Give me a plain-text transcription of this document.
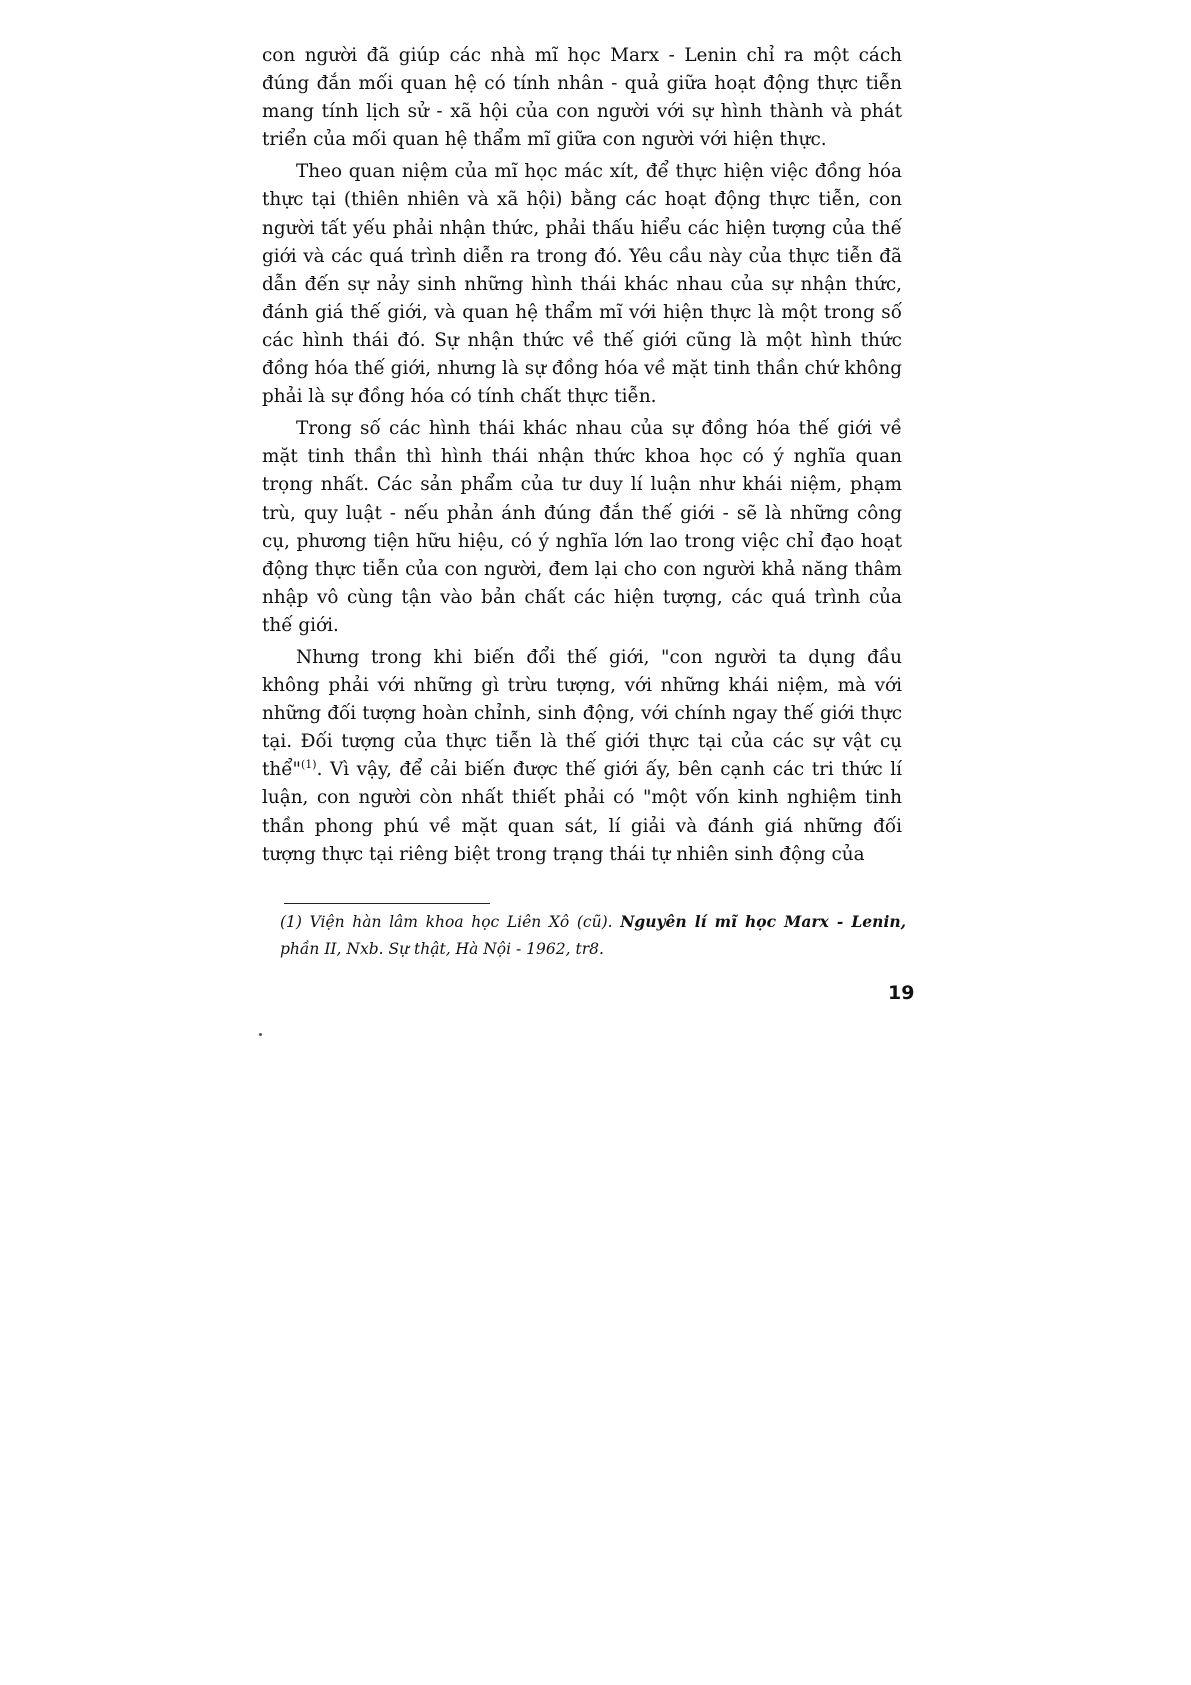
con người đã giúp các nhà mĩ học Marx - Lenin chỉ ra một cách đúng đắn mối quan hệ có tính nhân - quả giữa hoạt động thực tiễn mang tính lịch sử - xã hội của con người với sự hình thành và phát triển của mối quan hệ thẩm mĩ giữa con người với hiện thực.

Theo quan niệm của mĩ học mác xít, để thực hiện việc đồng hóa thực tại (thiên nhiên và xã hội) bằng các hoạt động thực tiễn, con người tất yếu phải nhận thức, phải thấu hiểu các hiện tượng của thế giới và các quá trình diễn ra trong đó. Yêu cầu này của thực tiễn đã dẫn đến sự nảy sinh những hình thái khác nhau của sự nhận thức, đánh giá thế giới, và quan hệ thẩm mĩ với hiện thực là một trong số các hình thái đó. Sự nhận thức về thế giới cũng là một hình thức đồng hóa thế giới, nhưng là sự đồng hóa về mặt tinh thần chứ không phải là sự đồng hóa có tính chất thực tiễn.

Trong số các hình thái khác nhau của sự đồng hóa thế giới về mặt tinh thần thì hình thái nhận thức khoa học có ý nghĩa quan trọng nhất. Các sản phẩm của tư duy lí luận như khái niệm, phạm trù, quy luật - nếu phản ánh đúng đắn thế giới - sẽ là những công cụ, phương tiện hữu hiệu, có ý nghĩa lớn lao trong việc chỉ đạo hoạt động thực tiễn của con người, đem lại cho con người khả năng thâm nhập vô cùng tận vào bản chất các hiện tượng, các quá trình của thế giới.

Nhưng trong khi biến đổi thế giới, "con người ta dụng đầu không phải với những gì trừu tượng, với những khái niệm, mà với những đối tượng hoàn chỉnh, sinh động, với chính ngay thế giới thực tại. Đối tượng của thực tiễn là thế giới thực tại của các sự vật cụ thể"$^{(1)}$. Vì vậy, để cải biến được thế giới ấy, bên cạnh các tri thức lí luận, con người còn nhất thiết phải có "một vốn kinh nghiệm tinh thần phong phú về mặt quan sát, lí giải và đánh giá những đối tượng thực tại riêng biệt trong trạng thái tự nhiên sinh động của

(1) Viện hàn lâm khoa học Liên Xô (cũ). Nguyên lí mĩ học Marx - Lenin, phần II, Nxb. Sự thật, Hà Nội - 1962, tr8.
19
